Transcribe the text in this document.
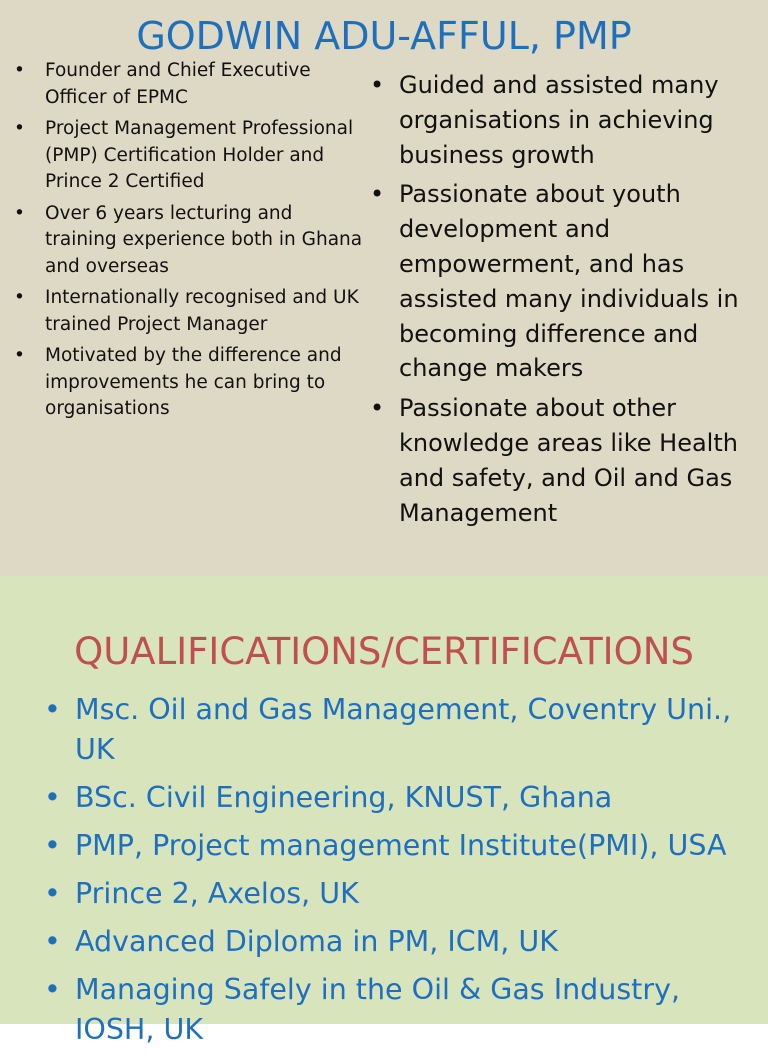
GODWIN ADU-AFFUL, PMP
• Founder and Chief Executive Officer of EPMC
• Project Management Professional (PMP) Certification Holder and Prince 2 Certified
• Over 6 years lecturing and training experience both in Ghana and overseas
• Internationally recognised and UK trained Project Manager
• Motivated by the difference and improvements he can bring to organisations
• Guided and assisted many organisations in achieving business growth
• Passionate about youth development and empowerment, and has assisted many individuals in becoming difference and change makers
• Passionate about other knowledge areas like Health and safety, and Oil and Gas Management
QUALIFICATIONS/CERTIFICATIONS
• Msc. Oil and Gas Management, Coventry Uni., UK
• BSc. Civil Engineering, KNUST, Ghana
• PMP, Project management Institute(PMI), USA
• Prince 2, Axelos, UK
• Advanced Diploma in PM, ICM, UK
• Managing Safely in the Oil & Gas Industry, IOSH, UK
